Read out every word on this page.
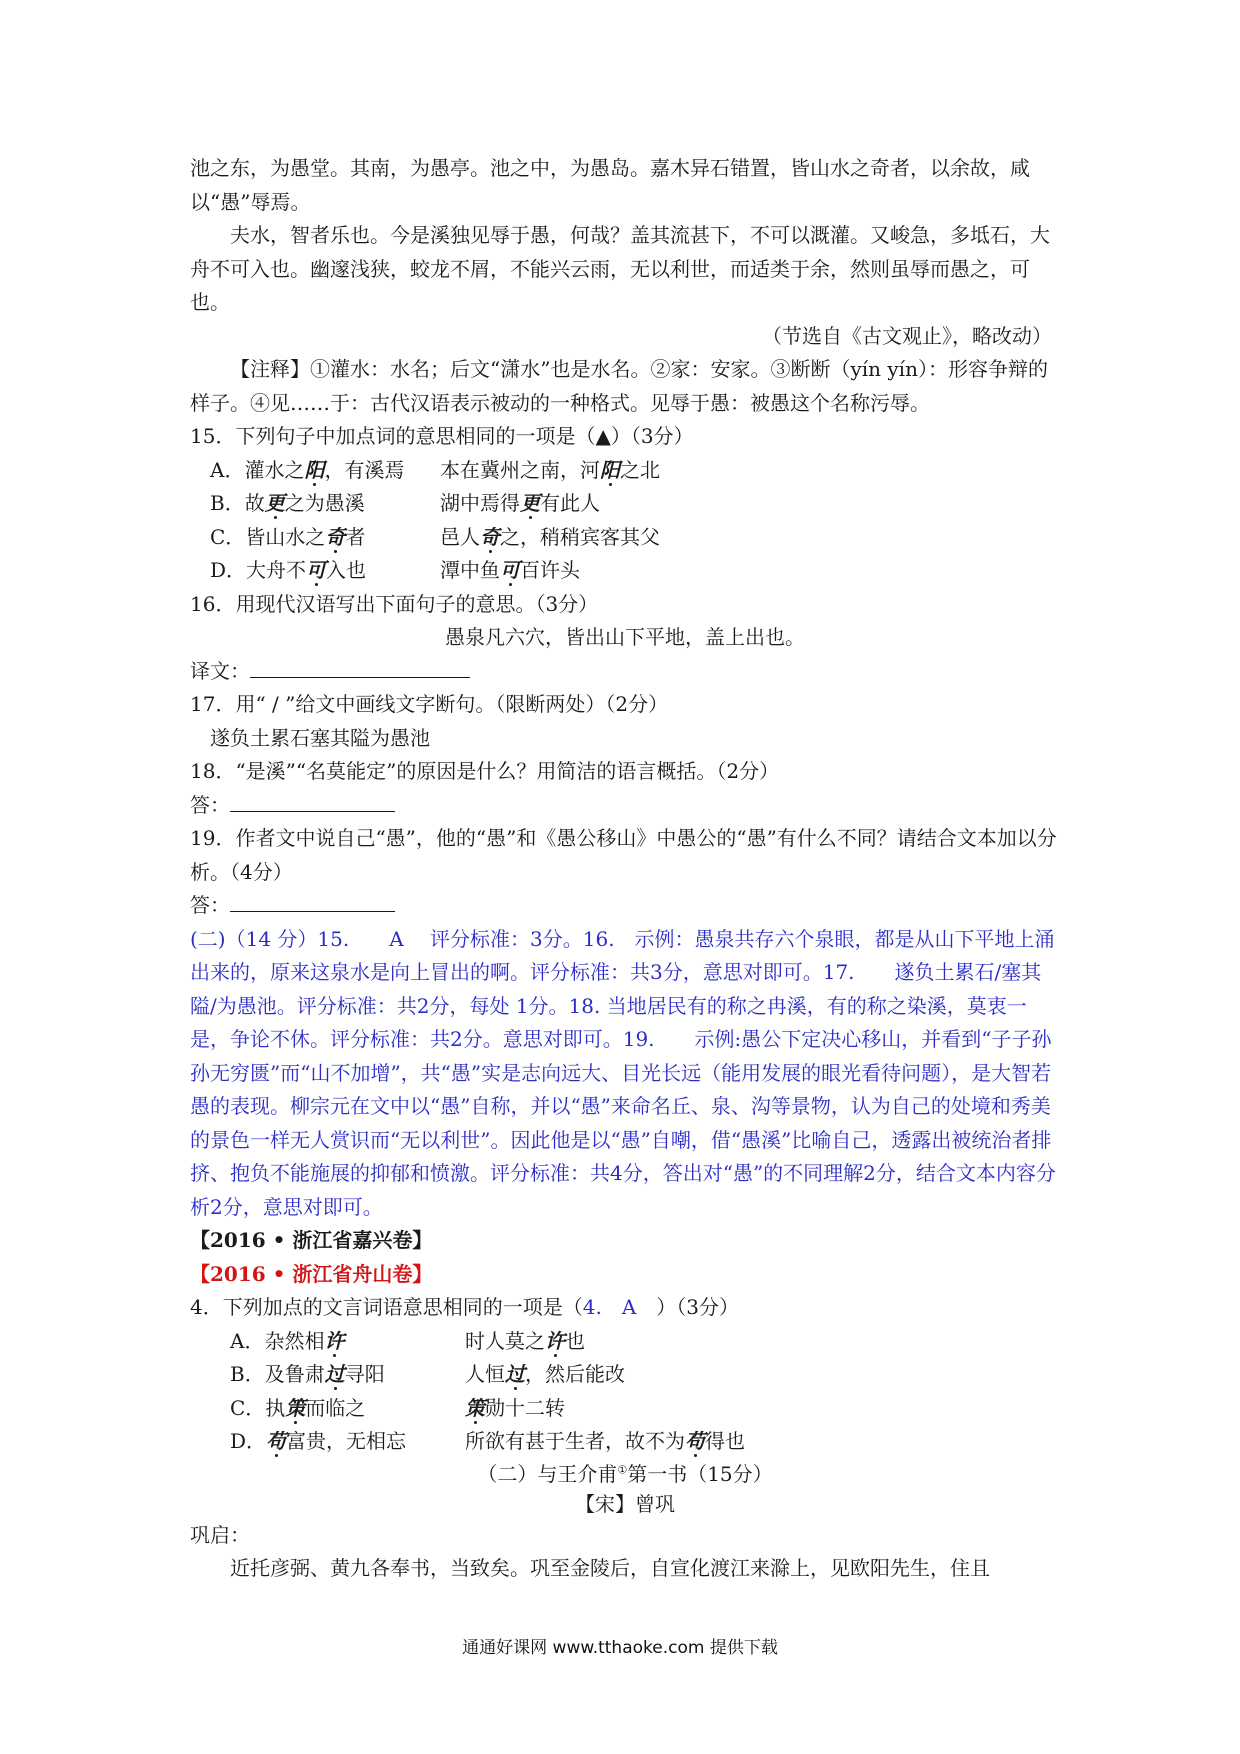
池之东，为愚堂。其南，为愚亭。池之中，为愚岛。嘉木异石错置，皆山水之奇者，以余故，咸以“愚”辱焉。

夫水，智者乐也。今是溪独见辱于愚，何哉？盖其流甚下，不可以溉灌。又峻急，多坻石，大舟不可入也。幽邃浅狭，蛟龙不屑，不能兴云雨，无以利世，而适类于余，然则虽辱而愚之，可也。

（节选自《古文观止》，略改动）

【注释】①灌水：水名；后文“潇水”也是水名。②家：安家。③断断（yín yín）：形容争辩的样子。④见……于：古代汉语表示被动的一种格式。见辱于愚：被愚这个名称污辱。

15．下列句子中加点词的意思相同的一项是（▲）（3分）

A．灌水之阳，有溪焉	本在冀州之南，河阳之北
B．故更之为愚溪	湖中焉得更有此人
C．皆山水之奇者	邑人奇之，稍稍宾客其父
D．大舟不可入也	潭中鱼可百许头

16．用现代汉语写出下面句子的意思。（3分）

愚泉凡六穴，皆出山下平地，盖上出也。

译文：

17．用“ / ”给文中画线文字断句。（限断两处）（2分）

遂负土累石塞其隘为愚池

18．“是溪”“名莫能定”的原因是什么？用简洁的语言概括。（2分）

答：

19．作者文中说自己“愚”，他的“愚”和《愚公移山》中愚公的“愚”有什么不同？请结合文本加以分析。（4分）

答：

(二)（14 分）15.　　A　 评分标准：3分。16.　示例：愚泉共存六个泉眼，都是从山下平地上涌出来的，原来这泉水是向上冒出的啊。评分标准：共3分，意思对即可。17.　　遂负土累石/塞其隘/为愚池。评分标准：共2分，每处 1分。18. 当地居民有的称之冉溪，有的称之染溪，莫衷一是，争论不休。评分标准：共2分。意思对即可。19.　　示例:愚公下定决心移山，并看到“子子孙孙无穷匮”而“山不加增”，共“愚”实是志向远大、目光长远（能用发展的眼光看待问题），是大智若愚的表现。柳宗元在文中以“愚”自称，并以“愚”来命名丘、泉、沟等景物，认为自己的处境和秀美的景色一样无人赏识而“无以利世”。因此他是以“愚”自嘲，借“愚溪”比喻自己，透露出被统治者排挤、抱负不能施展的抑郁和愤激。评分标准：共4分，答出对“愚”的不同理解2分，结合文本内容分析2分，意思对即可。

【2016 • 浙江省嘉兴卷】

【2016 • 浙江省舟山卷】

4．下列加点的文言词语意思相同的一项是（4.　A　 ）（3分）

A．杂然相许	时人莫之许也
B．及鲁肃过寻阳	人恒过，然后能改
C．执策而临之	策勋十二转
D．苟富贵，无相忘	所欲有甚于生者，故不为苟得也

（二）与王介甫①第一书（15分）

【宋】曾巩

巩启：

近托彦弼、黄九各奉书，当致矣。巩至金陵后，自宣化渡江来滁上，见欧阳先生，住且

通通好课网 www.tthaoke.com 提供下载
